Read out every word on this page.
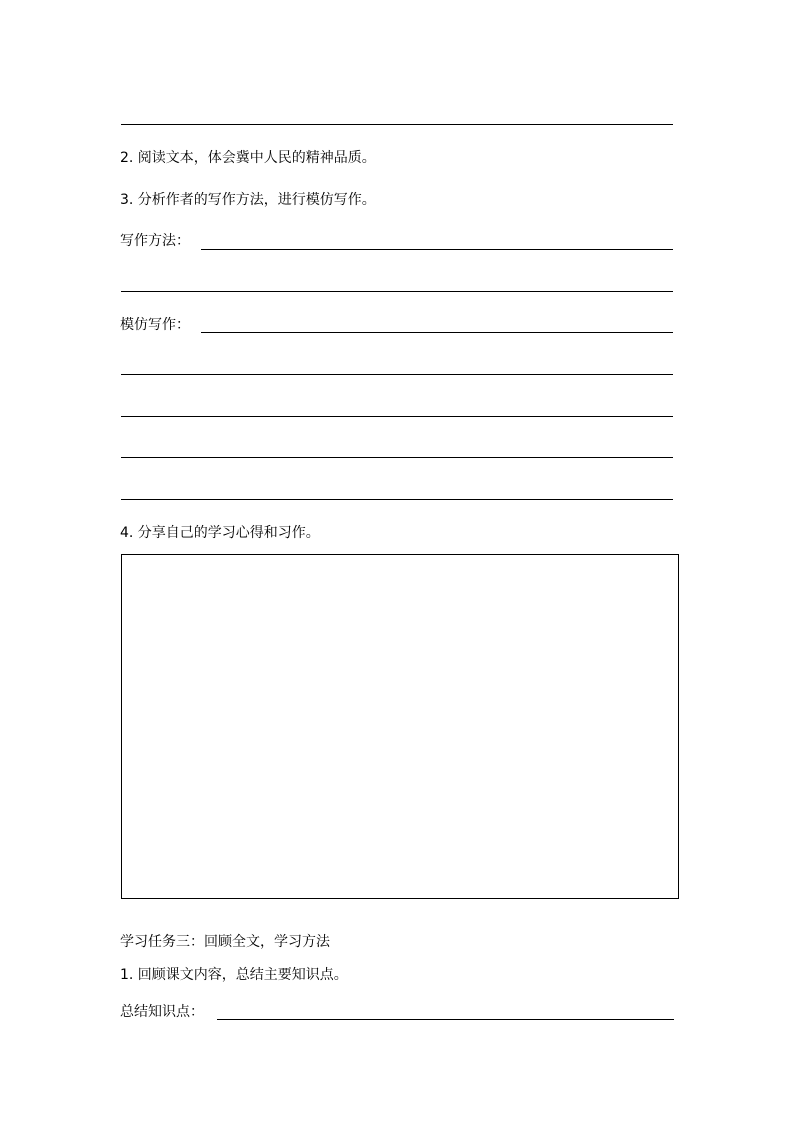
2. 阅读文本，体会冀中人民的精神品质。
3. 分析作者的写作方法，进行模仿写作。
写作方法：
模仿写作：
4. 分享自己的学习心得和习作。
学习任务三：回顾全文，学习方法
1. 回顾课文内容，总结主要知识点。
总结知识点：
